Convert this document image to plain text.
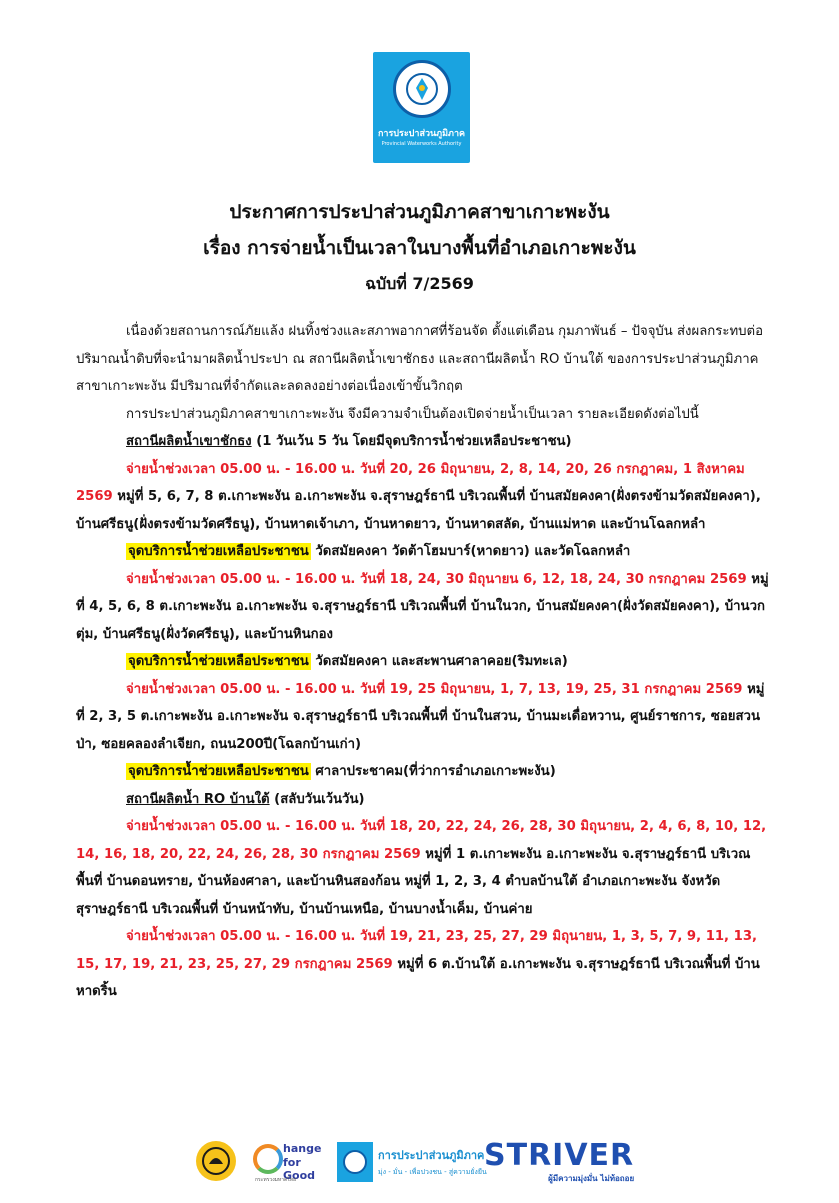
การประปาส่วนภูมิภาค
Provincial Waterworks Authority
ประกาศการประปาส่วนภูมิภาคสาขาเกาะพะงัน
เรื่อง การจ่ายน้ำเป็นเวลาในบางพื้นที่อำเภอเกาะพะงัน
ฉบับที่ 7/2569

เนื่องด้วยสถานการณ์ภัยแล้ง ฝนทิ้งช่วงและสภาพอากาศที่ร้อนจัด ตั้งแต่เดือน กุมภาพันธ์ – ปัจจุบัน ส่งผลกระทบต่อปริมาณน้ำดิบที่จะนำมาผลิตน้ำประปา ณ สถานีผลิตน้ำเขาชักธง และสถานีผลิตน้ำ RO บ้านใต้ ของการประปาส่วนภูมิภาคสาขาเกาะพะงัน มีปริมาณที่จำกัดและลดลงอย่างต่อเนื่องเข้าขั้นวิกฤต

การประปาส่วนภูมิภาคสาขาเกาะพะงัน จึงมีความจำเป็นต้องเปิดจ่ายน้ำเป็นเวลา รายละเอียดดังต่อไปนี้

สถานีผลิตน้ำเขาชักธง (1 วันเว้น 5 วัน โดยมีจุดบริการน้ำช่วยเหลือประชาชน)

จ่ายน้ำช่วงเวลา 05.00 น. - 16.00 น. วันที่ 20, 26 มิถุนายน, 2, 8, 14, 20, 26 กรกฎาคม, 1 สิงหาคม 2569 หมู่ที่ 5, 6, 7, 8 ต.เกาะพะงัน อ.เกาะพะงัน จ.สุราษฎร์ธานี บริเวณพื้นที่ บ้านสมัยคงคา(ฝั่งตรงข้ามวัดสมัยคงคา), บ้านศรีธนู(ฝั่งตรงข้ามวัดศรีธนู), บ้านหาดเจ้าเภา, บ้านหาดยาว, บ้านหาดสลัด, บ้านแม่หาด และบ้านโฉลกหลำ

จุดบริการน้ำช่วยเหลือประชาชน วัดสมัยคงคา วัดต้าโฮมบาร์(หาดยาว) และวัดโฉลกหลำ

จ่ายน้ำช่วงเวลา 05.00 น. - 16.00 น. วันที่ 18, 24, 30 มิถุนายน 6, 12, 18, 24, 30 กรกฎาคม 2569 หมู่ที่ 4, 5, 6, 8 ต.เกาะพะงัน อ.เกาะพะงัน จ.สุราษฎร์ธานี บริเวณพื้นที่ บ้านในวก, บ้านสมัยคงคา(ฝั่งวัดสมัยคงคา), บ้านวกตุ่ม, บ้านศรีธนู(ฝั่งวัดศรีธนู), และบ้านหินกอง

จุดบริการน้ำช่วยเหลือประชาชน วัดสมัยคงคา และสะพานศาลาคอย(ริมทะเล)

จ่ายน้ำช่วงเวลา 05.00 น. - 16.00 น. วันที่ 19, 25 มิถุนายน, 1, 7, 13, 19, 25, 31 กรกฎาคม 2569 หมู่ที่ 2, 3, 5 ต.เกาะพะงัน อ.เกาะพะงัน จ.สุราษฎร์ธานี บริเวณพื้นที่ บ้านในสวน, บ้านมะเดื่อหวาน, ศูนย์ราชการ, ซอยสวนป่า, ซอยคลองลำเจียก, ถนน200ปี(โฉลกบ้านเก่า)

จุดบริการน้ำช่วยเหลือประชาชน ศาลาประชาคม(ที่ว่าการอำเภอเกาะพะงัน)

สถานีผลิตน้ำ RO บ้านใต้ (สลับวันเว้นวัน)

จ่ายน้ำช่วงเวลา 05.00 น. - 16.00 น. วันที่ 18, 20, 22, 24, 26, 28, 30 มิถุนายน, 2, 4, 6, 8, 10, 12, 14, 16, 18, 20, 22, 24, 26, 28, 30 กรกฎาคม 2569 หมู่ที่ 1 ต.เกาะพะงัน อ.เกาะพะงัน จ.สุราษฎร์ธานี บริเวณพื้นที่ บ้านดอนทราย, บ้านห้องศาลา, และบ้านหินสองก้อน หมู่ที่ 1, 2, 3, 4 ตำบลบ้านใต้ อำเภอเกาะพะงัน จังหวัด สุราษฎร์ธานี บริเวณพื้นที่ บ้านหน้าทับ, บ้านบ้านเหนือ, บ้านบางน้ำเค็ม, บ้านค่าย

จ่ายน้ำช่วงเวลา 05.00 น. - 16.00 น. วันที่ 19, 21, 23, 25, 27, 29 มิถุนายน, 1, 3, 5, 7, 9, 11, 13, 15, 17, 19, 21, 23, 25, 27, 29 กรกฎาคม 2569 หมู่ที่ 6 ต.บ้านใต้ อ.เกาะพะงัน จ.สุราษฎร์ธานี บริเวณพื้นที่ บ้านหาดริ้น

hange
for Good
กระทรวงมหาดไทย
การประปาส่วนภูมิภาค
มุ่ง - มั่น - เพื่อปวงชน - สู่ความยั่งยืน
STRIVER
ผู้มีความมุ่งมั่น ไม่ท้อถอย
